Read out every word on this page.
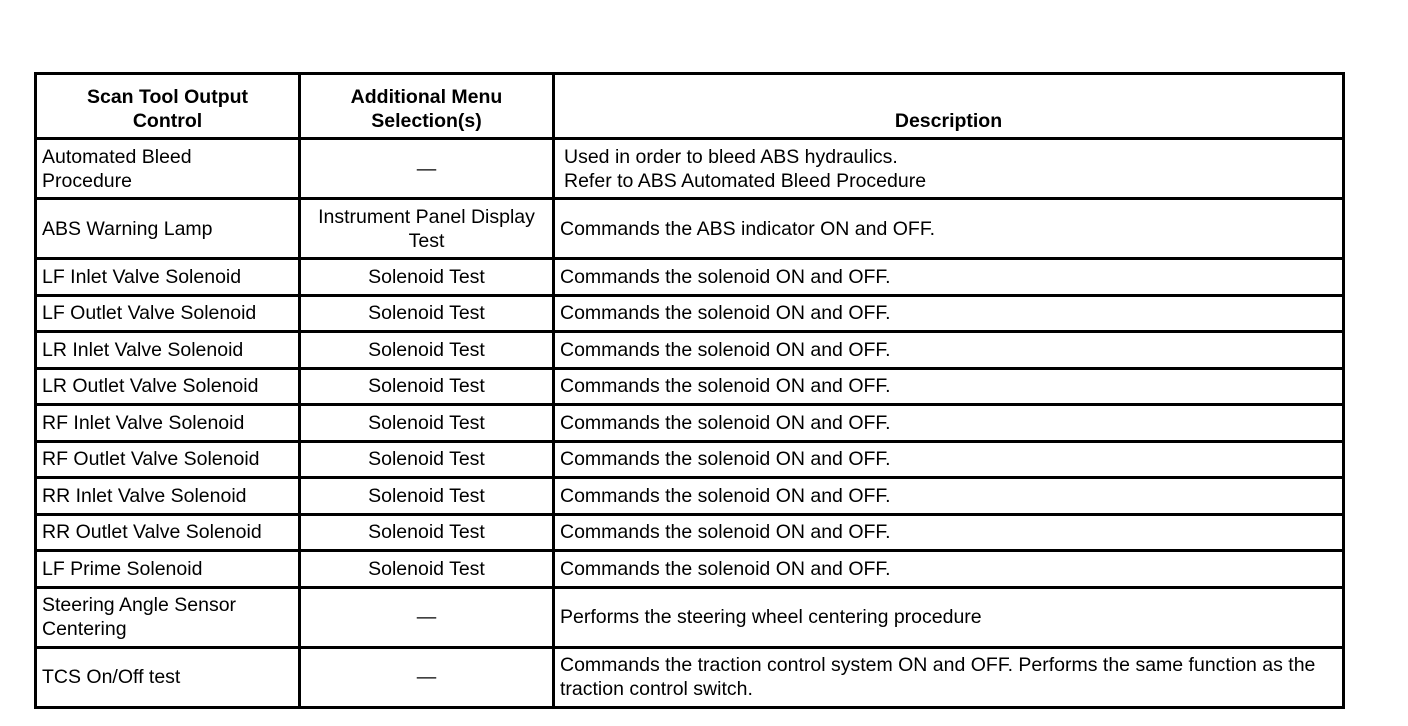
Scan Tool Output Control	Additional Menu Selection(s)	Description
Automated Bleed Procedure	—	Used in order to bleed ABS hydraulics.
Refer to ABS Automated Bleed Procedure
ABS Warning Lamp	Instrument Panel Display Test	Commands the ABS indicator ON and OFF.
LF Inlet Valve Solenoid	Solenoid Test	Commands the solenoid ON and OFF.
LF Outlet Valve Solenoid	Solenoid Test	Commands the solenoid ON and OFF.
LR Inlet Valve Solenoid	Solenoid Test	Commands the solenoid ON and OFF.
LR Outlet Valve Solenoid	Solenoid Test	Commands the solenoid ON and OFF.
RF Inlet Valve Solenoid	Solenoid Test	Commands the solenoid ON and OFF.
RF Outlet Valve Solenoid	Solenoid Test	Commands the solenoid ON and OFF.
RR Inlet Valve Solenoid	Solenoid Test	Commands the solenoid ON and OFF.
RR Outlet Valve Solenoid	Solenoid Test	Commands the solenoid ON and OFF.
LF Prime Solenoid	Solenoid Test	Commands the solenoid ON and OFF.
Steering Angle Sensor Centering	—	Performs the steering wheel centering procedure
TCS On/Off test	—	Commands the traction control system ON and OFF. Performs the same function as the traction control switch.
